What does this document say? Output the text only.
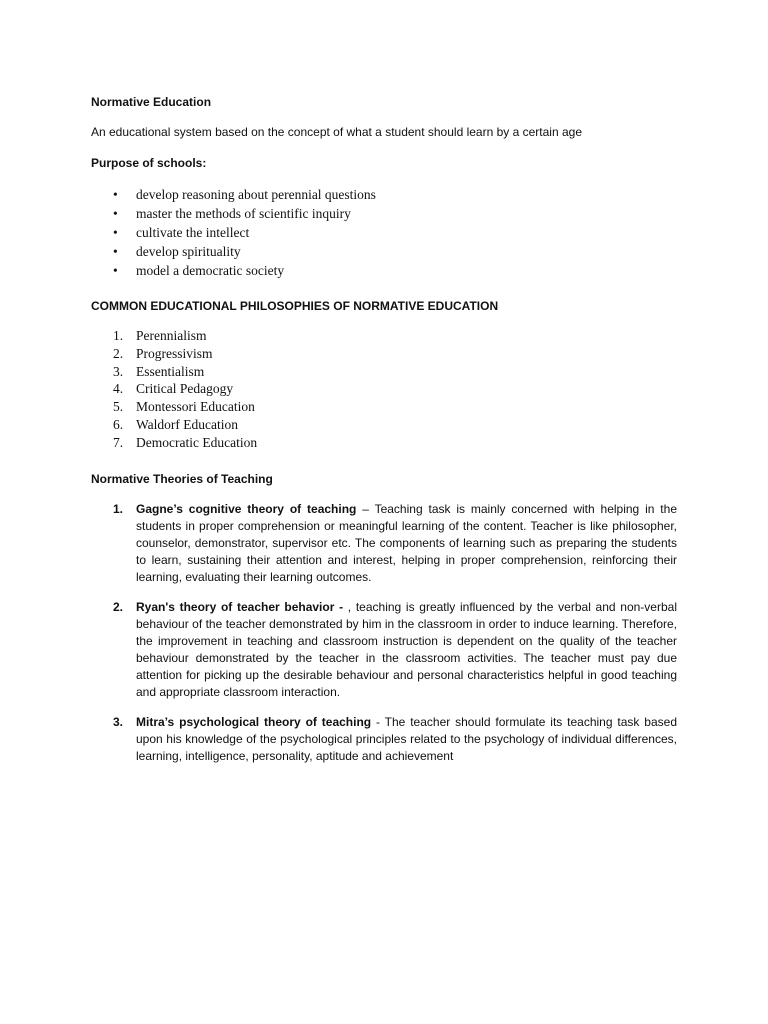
Normative Education
An educational system based on the concept of what a student should learn by a certain age
Purpose of schools:
• develop reasoning about perennial questions
• master the methods of scientific inquiry
• cultivate the intellect
• develop spirituality
• model a democratic society
COMMON EDUCATIONAL PHILOSOPHIES OF NORMATIVE EDUCATION
1. Perennialism
2. Progressivism
3. Essentialism
4. Critical Pedagogy
5. Montessori Education
6. Waldorf Education
7. Democratic Education
Normative Theories of Teaching
1. Gagne’s cognitive theory of teaching – Teaching task is mainly concerned with helping in the students in proper comprehension or meaningful learning of the content. Teacher is like philosopher, counselor, demonstrator, supervisor etc. The components of learning such as preparing the students to learn, sustaining their attention and interest, helping in proper comprehension, reinforcing their learning, evaluating their learning outcomes.
2. Ryan's theory of teacher behavior - , teaching is greatly influenced by the verbal and non-verbal behaviour of the teacher demonstrated by him in the classroom in order to induce learning. Therefore, the improvement in teaching and classroom instruction is dependent on the quality of the teacher behaviour demonstrated by the teacher in the classroom activities. The teacher must pay due attention for picking up the desirable behaviour and personal characteristics helpful in good teaching and appropriate classroom interaction.
3. Mitra’s psychological theory of teaching - The teacher should formulate its teaching task based upon his knowledge of the psychological principles related to the psychology of individual differences, learning, intelligence, personality, aptitude and achievement
